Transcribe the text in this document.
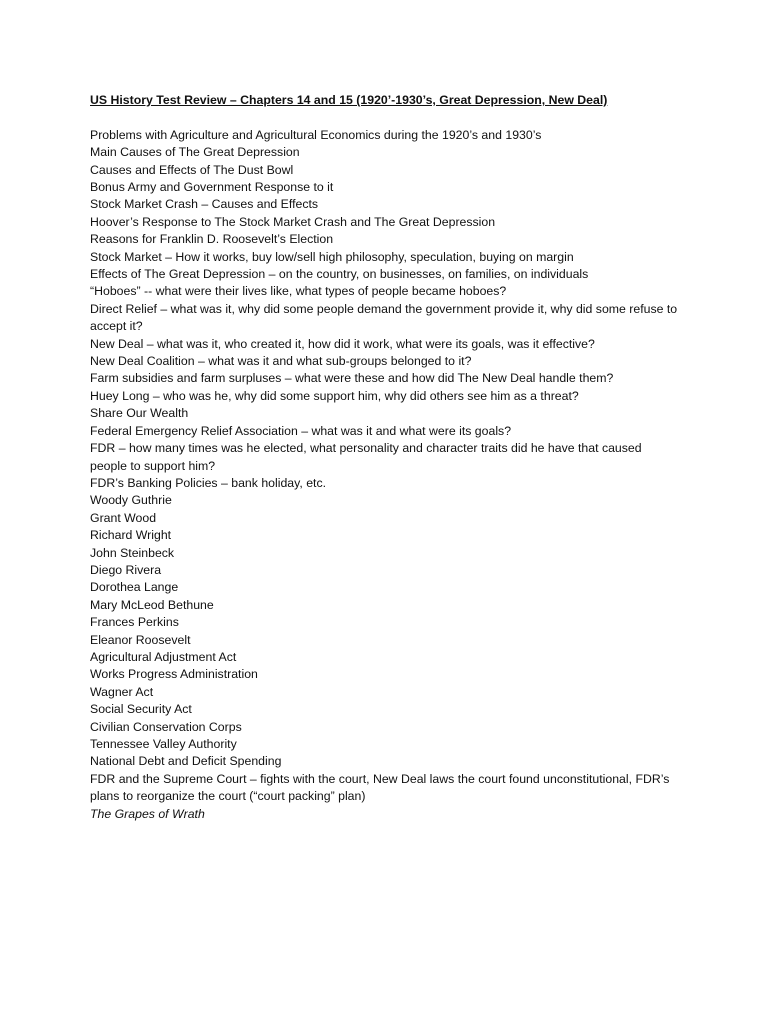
US History Test Review – Chapters 14 and 15 (1920’-1930’s, Great Depression, New Deal)

Problems with Agriculture and Agricultural Economics during the 1920’s and 1930’s
Main Causes of The Great Depression
Causes and Effects of The Dust Bowl
Bonus Army and Government Response to it
Stock Market Crash – Causes and Effects
Hoover’s Response to The Stock Market Crash and The Great Depression
Reasons for Franklin D. Roosevelt’s Election
Stock Market – How it works, buy low/sell high philosophy, speculation, buying on margin
Effects of The Great Depression – on the country, on businesses, on families, on individuals
“Hoboes” -- what were their lives like, what types of people became hoboes?
Direct Relief – what was it, why did some people demand the government provide it, why did some refuse to accept it?
New Deal – what was it, who created it, how did it work, what were its goals, was it effective?
New Deal Coalition – what was it and what sub-groups belonged to it?
Farm subsidies and farm surpluses – what were these and how did The New Deal handle them?
Huey Long – who was he, why did some support him, why did others see him as a threat?
Share Our Wealth
Federal Emergency Relief Association – what was it and what were its goals?
FDR – how many times was he elected, what personality and character traits did he have that caused people to support him?
FDR’s Banking Policies – bank holiday, etc.
Woody Guthrie
Grant Wood
Richard Wright
John Steinbeck
Diego Rivera
Dorothea Lange
Mary McLeod Bethune
Frances Perkins
Eleanor Roosevelt
Agricultural Adjustment Act
Works Progress Administration
Wagner Act
Social Security Act
Civilian Conservation Corps
Tennessee Valley Authority
National Debt and Deficit Spending
FDR and the Supreme Court – fights with the court, New Deal laws the court found unconstitutional, FDR’s plans to reorganize the court (“court packing” plan)
The Grapes of Wrath
